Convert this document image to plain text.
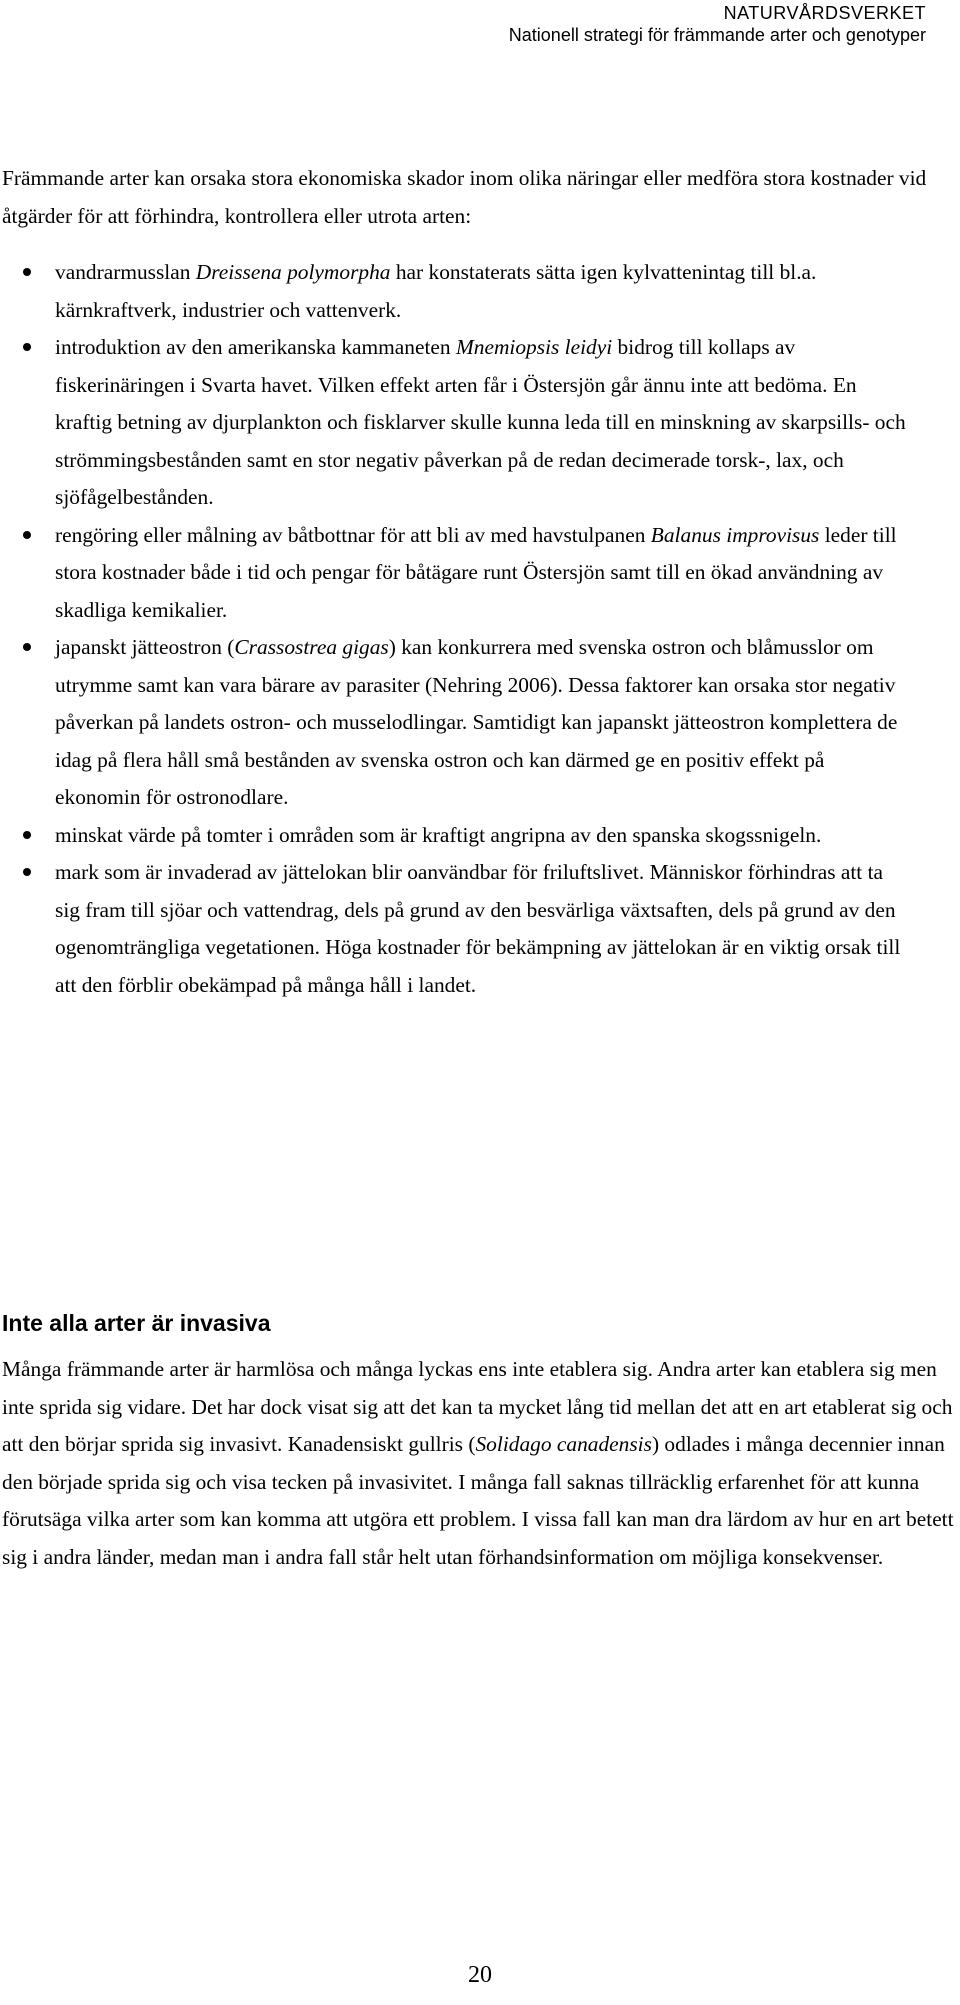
NATURVÅRDSVERKET
Nationell strategi för främmande arter och genotyper

Främmande arter kan orsaka stora ekonomiska skador inom olika näringar eller medföra stora kostnader vid åtgärder för att förhindra, kontrollera eller utrota arten:

vandrarmusslan Dreissena polymorpha har konstaterats sätta igen kylvattenintag till bl.a. kärnkraftverk, industrier och vattenverk.
introduktion av den amerikanska kammaneten Mnemiopsis leidyi bidrog till kollaps av fiskerinäringen i Svarta havet. Vilken effekt arten får i Östersjön går ännu inte att bedöma. En kraftig betning av djurplankton och fisklarver skulle kunna leda till en minskning av skarpsills- och strömmingsbestånden samt en stor negativ påverkan på de redan decimerade torsk-, lax, och sjöfågelbestånden.
rengöring eller målning av båtbottnar för att bli av med havstulpanen Balanus improvisus leder till stora kostnader både i tid och pengar för båtägare runt Östersjön samt till en ökad användning av skadliga kemikalier.
japanskt jätteostron (Crassostrea gigas) kan konkurrera med svenska ostron och blåmusslor om utrymme samt kan vara bärare av parasiter (Nehring 2006). Dessa faktorer kan orsaka stor negativ påverkan på landets ostron- och musselodlingar. Samtidigt kan japanskt jätteostron komplettera de idag på flera håll små bestånden av svenska ostron och kan därmed ge en positiv effekt på ekonomin för ostronodlare.
minskat värde på tomter i områden som är kraftigt angripna av den spanska skogssnigeln.
mark som är invaderad av jättelokan blir oanvändbar för friluftslivet. Människor förhindras att ta sig fram till sjöar och vattendrag, dels på grund av den besvärliga växtsaften, dels på grund av den ogenomträngliga vegetationen. Höga kostnader för bekämpning av jättelokan är en viktig orsak till att den förblir obekämpad på många håll i landet.
Inte alla arter är invasiva

Många främmande arter är harmlösa och många lyckas ens inte etablera sig. Andra arter kan etablera sig men inte sprida sig vidare. Det har dock visat sig att det kan ta mycket lång tid mellan det att en art etablerat sig och att den börjar sprida sig invasivt. Kanadensiskt gullris (Solidago canadensis) odlades i många decennier innan den började sprida sig och visa tecken på invasivitet. I många fall saknas tillräcklig erfarenhet för att kunna förutsäga vilka arter som kan komma att utgöra ett problem. I vissa fall kan man dra lärdom av hur en art betett sig i andra länder, medan man i andra fall står helt utan förhandsinformation om möjliga konsekvenser.

20
